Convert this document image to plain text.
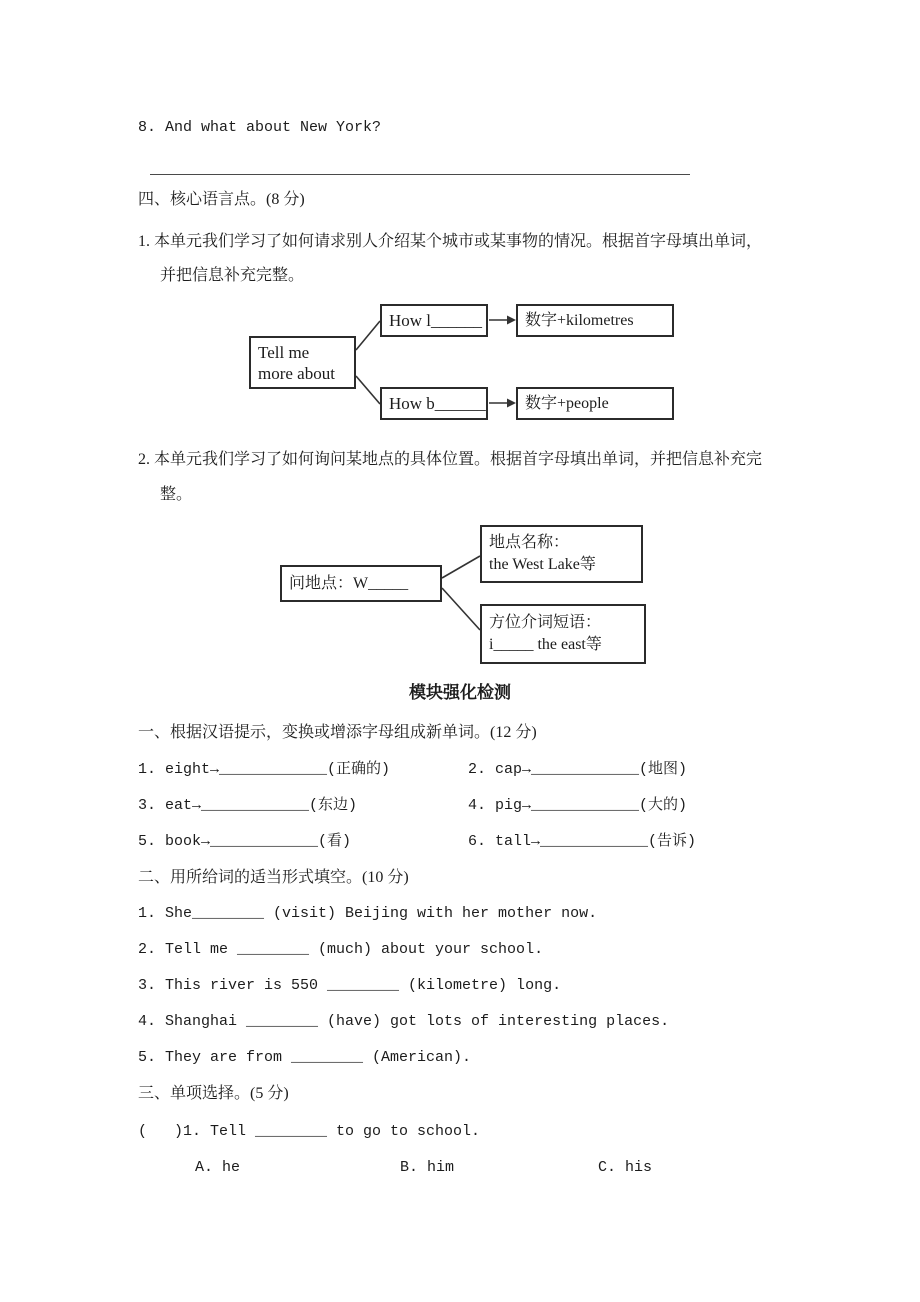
8. And what about New York?
四、核心语言点。(8 分)
1. 本单元我们学习了如何请求别人介绍某个城市或某事物的情况。根据首字母填出单词，
并把信息补充完整。
Tell me
more about
How l______	数字+kilometres
How b______ 数字+people
2. 本单元我们学习了如何询问某地点的具体位置。根据首字母填出单词，并把信息补充完
整。
问地点：W_____
地点名称：
the West Lake等
方位介词短语：
i_____ the east等
模块强化检测
一、根据汉语提示，变换或增添字母组成新单词。(12 分)
1. eight→____________(正确的)	2. cap→____________(地图)
3. eat→____________(东边)	4. pig→____________(大的)
5. book→____________(看)	6. tall→____________(告诉)
二、用所给词的适当形式填空。(10 分)
1. She________ (visit) Beijing with her mother now.
2. Tell me ________ (much) about your school.
3. This river is 550 ________ (kilometre) long.
4. Shanghai ________ (have) got lots of interesting places.
5. They are from ________ (American).
三、单项选择。(5 分)
(   )1. Tell ________ to go to school.
A. he	B. him	C. his
